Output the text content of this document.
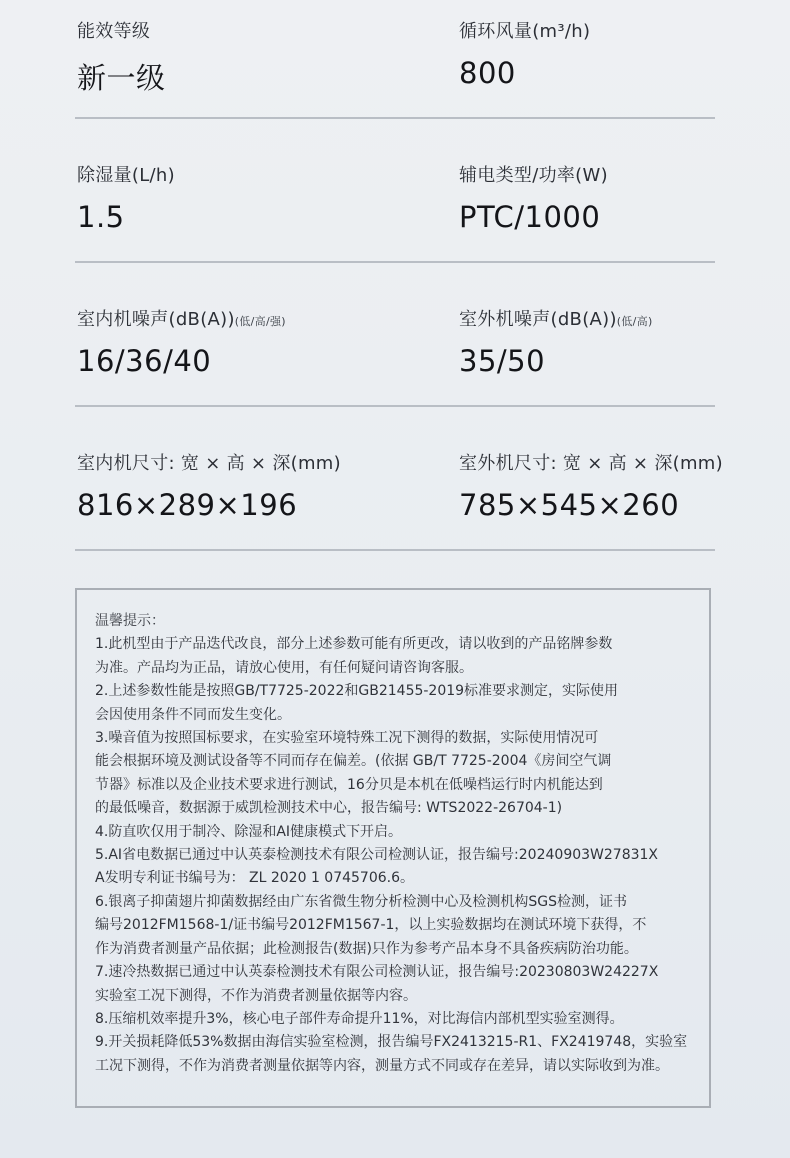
能效等级
新一级
循环风量(m³/h)
800
除湿量(L/h)
1.5
辅电类型/功率(W)
PTC/1000
室内机噪声(dB(A))(低/高/强)
16/36/40
室外机噪声(dB(A))(低/高)
35/50
室内机尺寸: 宽 × 高 × 深(mm)
816×289×196
室外机尺寸: 宽 × 高 × 深(mm)
785×545×260
温馨提示：
1.此机型由于产品迭代改良，部分上述参数可能有所更改，请以收到的产品铭牌参数
为准。产品均为正品，请放心使用，有任何疑问请咨询客服。
2.上述参数性能是按照GB/T7725-2022和GB21455-2019标准要求测定，实际使用
会因使用条件不同而发生变化。
3.噪音值为按照国标要求，在实验室环境特殊工况下测得的数据，实际使用情况可
能会根据环境及测试设备等不同而存在偏差。(依据 GB/T 7725-2004《房间空气调
节器》标准以及企业技术要求进行测试，16分贝是本机在低噪档运行时内机能达到
的最低噪音，数据源于威凯检测技术中心，报告编号: WTS2022-26704-1)
4.防直吹仅用于制冷、除湿和AI健康模式下开启。
5.AI省电数据已通过中认英泰检测技术有限公司检测认证，报告编号:20240903W27831X
A发明专利证书编号为： ZL 2020 1 0745706.6。
6.银离子抑菌翅片抑菌数据经由广东省微生物分析检测中心及检测机构SGS检测，证书
编号2012FM1568-1/证书编号2012FM1567-1，以上实验数据均在测试环境下获得，不
作为消费者测量产品依据；此检测报告(数据)只作为参考产品本身不具备疾病防治功能。
7.速冷热数据已通过中认英泰检测技术有限公司检测认证，报告编号:20230803W24227X
实验室工况下测得，不作为消费者测量依据等内容。
8.压缩机效率提升3%，核心电子部件寿命提升11%，对比海信内部机型实验室测得。
9.开关损耗降低53%数据由海信实验室检测，报告编号FX2413215-R1、FX2419748，实验室
工况下测得，不作为消费者测量依据等内容，测量方式不同或存在差异，请以实际收到为准。
